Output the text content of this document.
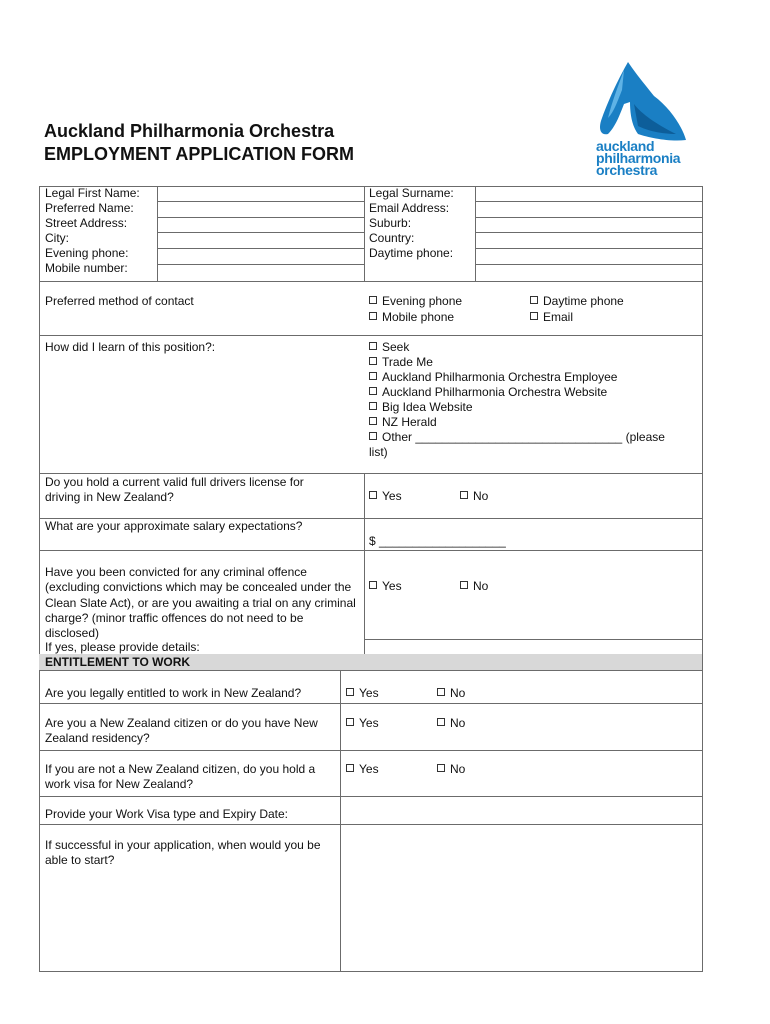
Auckland Philharmonia Orchestra
EMPLOYMENT APPLICATION FORM	auckland
philharmonia
orchestra
Legal First Name:
Preferred Name:
Street Address:
City:
Evening phone:
Mobile number:
Legal Surname:
Email Address:
Suburb:
Country:
Daytime phone:
Preferred method of contact	Evening phone	Daytime phone
Mobile phone	Email
How did I learn of this position?:	Seek
Trade Me
Auckland Philharmonia Orchestra Employee
Auckland Philharmonia Orchestra Website
Big Idea Website
NZ Herald
Other _______________________________ (please
list)
Do you hold a current valid full drivers license for driving in New Zealand?	Yes	No
What are your approximate salary expectations?
$ ___________________
Have you been convicted for any criminal offence (excluding convictions which may be concealed under the Clean Slate Act), or are you awaiting a trial on any criminal charge? (minor traffic offences do not need to be disclosed)
Yes	No
If yes, please provide details:
ENTITLEMENT TO WORK
Are you legally entitled to work in New Zealand?	Yes	No
Are you a New Zealand citizen or do you have New Zealand residency?
Yes	No
If you are not a New Zealand citizen, do you hold a work visa for New Zealand?
Yes	No
Provide your Work Visa type and Expiry Date:
If successful in your application, when would you be able to start?
